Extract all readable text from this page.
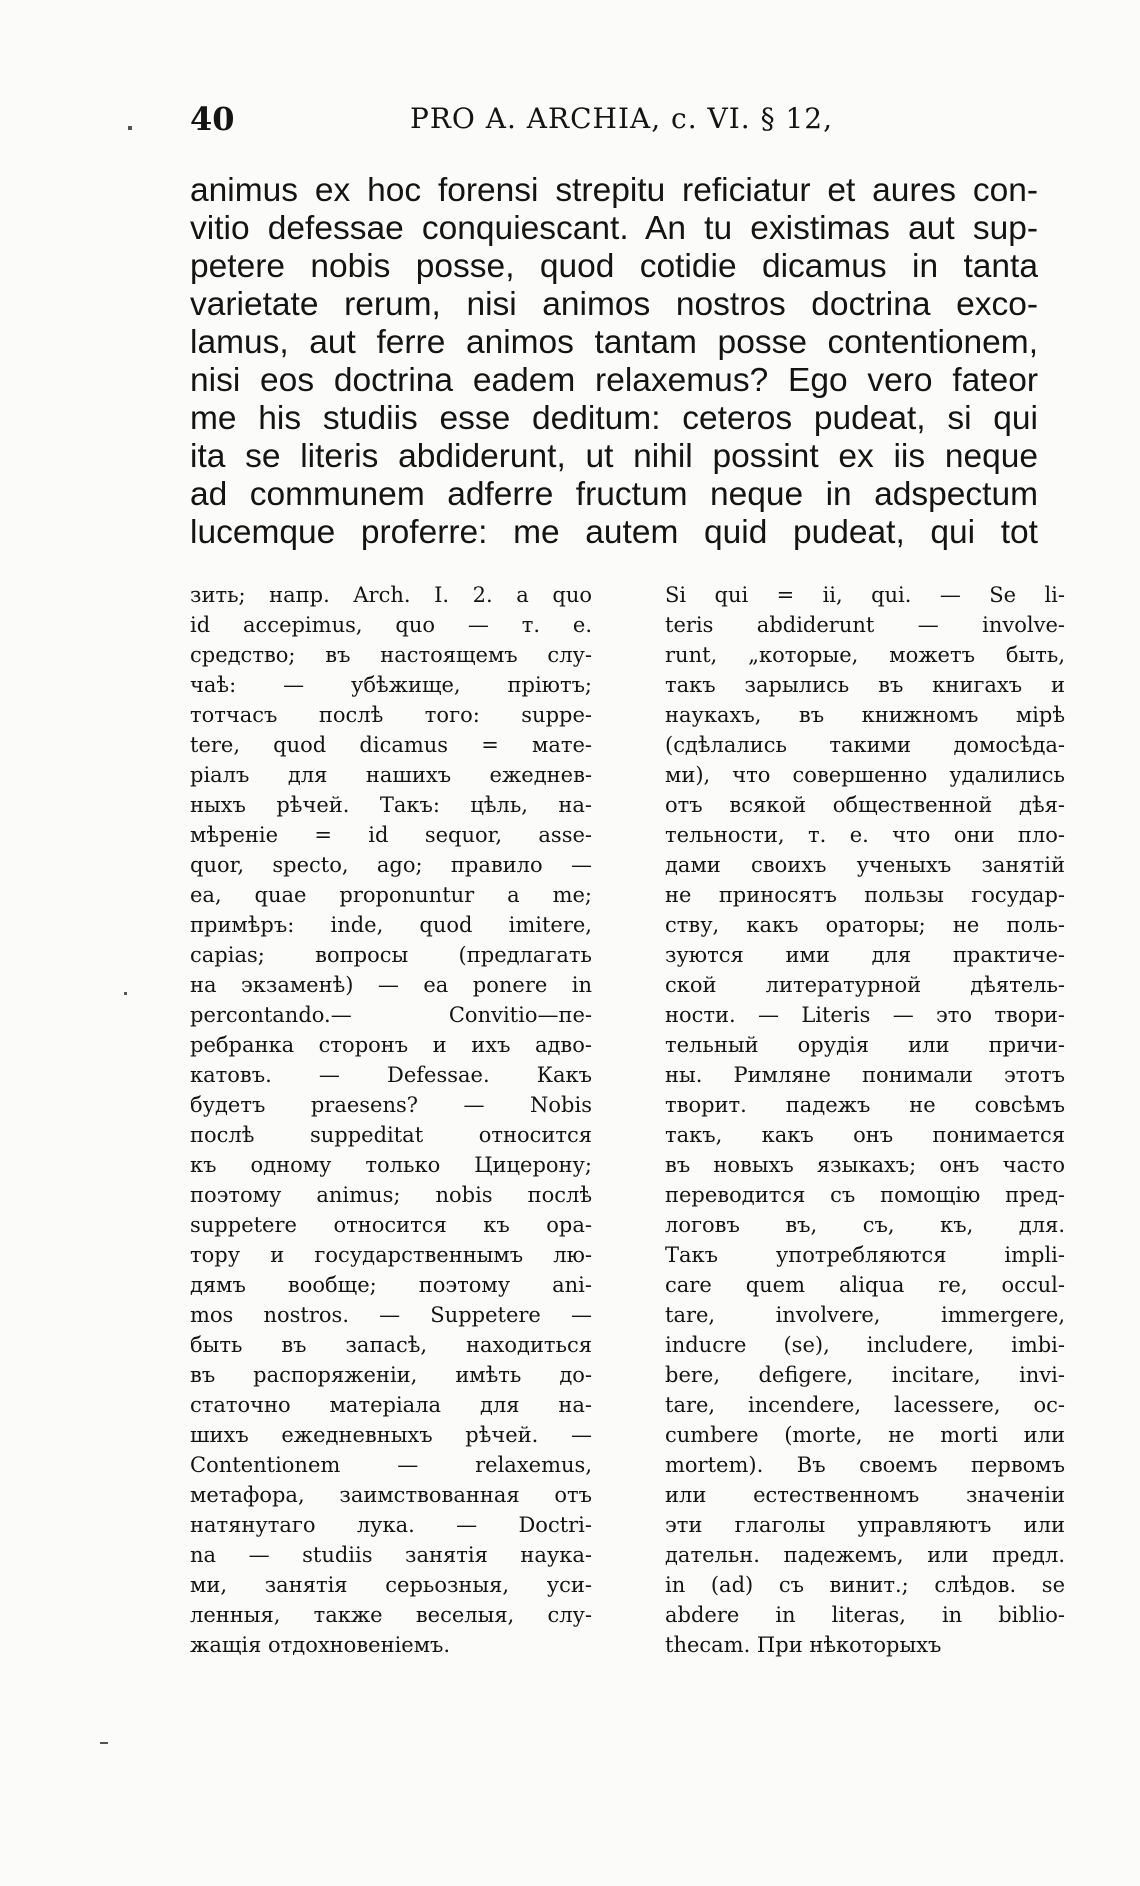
40	PRO A. ARCHIA, c. VI. § 12,
animus ex hoc forensi strepitu reficiatur et aures con-
vitio defessae conquiescant. An tu existimas aut sup-
petere nobis posse, quod cotidie dicamus in tanta
varietate rerum, nisi animos nostros doctrina exco-
lamus, aut ferre animos tantam posse contentionem,
nisi eos doctrina eadem relaxemus? Ego vero fateor
me his studiis esse deditum: ceteros pudeat, si qui
ita se literis abdiderunt, ut nihil possint ex iis neque
ad communem adferre fructum neque in adspectum
lucemque proferre: me autem quid pudeat, qui tot
зить; напр. Arch. I. 2. a quo
id accepimus, quo — т. е.
средство; въ настоящемъ слу-
чаѣ: — убѣжище, пріютъ;
тотчасъ послѣ того: suppe-
tere, quod dicamus = мате-
ріалъ для нашихъ ежеднев-
ныхъ рѣчей. Такъ: цѣль, на-
мѣреніе = id sequor, asse-
quor, specto, ago; правило —
ea, quae proponuntur a me;
примѣръ: inde, quod imitere,
capias; вопросы (предлагать
на экзаменѣ) — ea ponere in
percontando.— Convitio—пе-
ребранка сторонъ и ихъ адво-
катовъ. — Defessae. Какъ
будетъ praesens? — Nobis
послѣ suppeditat относится
къ одному только Цицерону;
поэтому animus; nobis послѣ
suppetere относится къ ора-
тору и государственнымъ лю-
дямъ вообще; поэтому ani-
mos nostros. — Suppetere —
быть въ запасѣ, находиться
въ распоряженіи, имѣть до-
статочно матеріала для на-
шихъ ежедневныхъ рѣчей. —
Contentionem — relaxemus,
метафора, заимствованная отъ
натянутаго лука. — Doctri-
na — studiis занятія наука-
ми, занятія серьозныя, уси-
ленныя, также веселыя, слу-
жащія отдохновеніемъ.
Si qui = ii, qui. — Se li-
teris abdiderunt — involve-
runt, „которые, можетъ быть,
такъ зарылись въ книгахъ и
наукахъ, въ книжномъ мірѣ
(сдѣлались такими домосѣда-
ми), что совершенно удалились
отъ всякой общественной дѣя-
тельности, т. е. что они пло-
дами своихъ ученыхъ занятій
не приносятъ пользы государ-
ству, какъ ораторы; не поль-
зуются ими для практиче-
ской литературной дѣятель-
ности. — Literis — это твори-
тельный орудія или причи-
ны. Римляне понимали этотъ
творит. падежъ не совсѣмъ
такъ, какъ онъ понимается
въ новыхъ языкахъ; онъ часто
переводится съ помощію пред-
логовъ въ, съ, къ, для.
Такъ употребляются impli-
care quem aliqua re, occul-
tare, involvere, immergere,
inducre (se), includere, imbi-
bere, defigere, incitare, invi-
tare, incendere, lacessere, oc-
cumbere (morte, не morti или
mortem). Въ своемъ первомъ
или естественномъ значеніи
эти глаголы управляютъ или
дательн. падежемъ, или предл.
in (ad) съ винит.; слѣдов. se
abdere in literas, in biblio-
thecam. При нѣкоторыхъ
